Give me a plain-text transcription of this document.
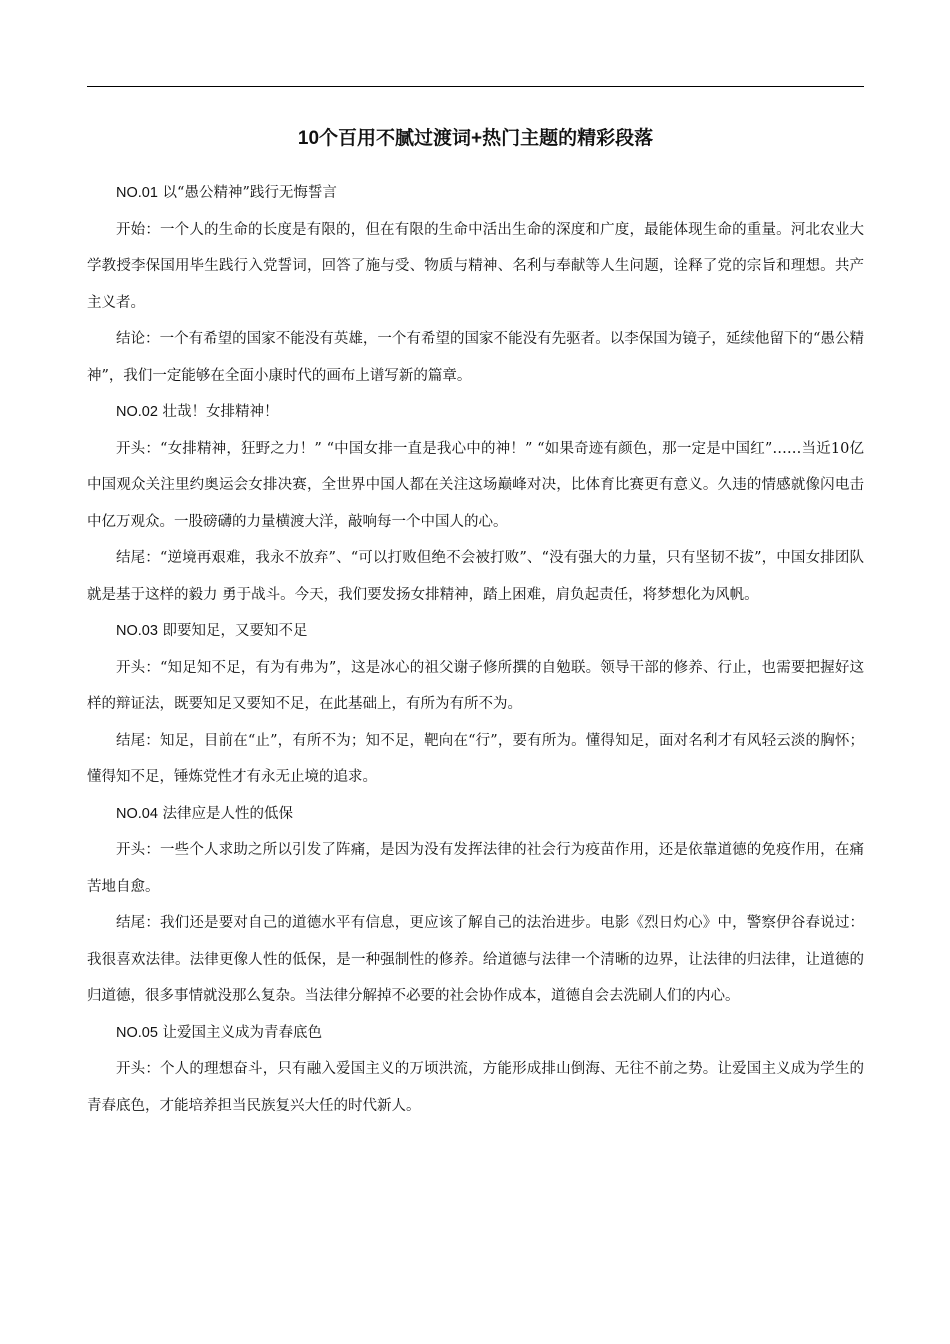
10个百用不腻过渡词+热门主题的精彩段落

NO.01 以“愚公精神”践行无悔誓言

开始：一个人的生命的长度是有限的，但在有限的生命中活出生命的深度和广度，最能体现生命的重量。河北农业大学教授李保国用毕生践行入党誓词，回答了施与受、物质与精神、名利与奉献等人生问题，诠释了党的宗旨和理想。共产主义者。

结论：一个有希望的国家不能没有英雄，一个有希望的国家不能没有先驱者。以李保国为镜子，延续他留下的“愚公精神”，我们一定能够在全面小康时代的画布上谱写新的篇章。

NO.02 壮哉！女排精神！

开头：“女排精神，狂野之力！” “中国女排一直是我心中的神！” “如果奇迹有颜色，那一定是中国红”……当近10亿中国观众关注里约奥运会女排决赛，全世界中国人都在关注这场巅峰对决，比体育比赛更有意义。久违的情感就像闪电击中亿万观众。一股磅礴的力量横渡大洋，敲响每一个中国人的心。

结尾：“逆境再艰难，我永不放弃”、“可以打败但绝不会被打败”、“没有强大的力量，只有坚韧不拔”，中国女排团队就是基于这样的毅力 勇于战斗。今天，我们要发扬女排精神，踏上困难，肩负起责任，将梦想化为风帆。

NO.03 即要知足，又要知不足

开头：“知足知不足，有为有弗为”，这是冰心的祖父谢子修所撰的自勉联。领导干部的修养、行止，也需要把握好这样的辩证法，既要知足又要知不足，在此基础上，有所为有所不为。

结尾：知足，目前在“止”，有所不为；知不足，靶向在“行”，要有所为。懂得知足，面对名利才有风轻云淡的胸怀；懂得知不足，锤炼党性才有永无止境的追求。

NO.04 法律应是人性的低保

开头：一些个人求助之所以引发了阵痛，是因为没有发挥法律的社会行为疫苗作用，还是依靠道德的免疫作用，在痛苦地自愈。

结尾：我们还是要对自己的道德水平有信息，更应该了解自己的法治进步。电影《烈日灼心》中，警察伊谷春说过：我很喜欢法律。法律更像人性的低保，是一种强制性的修养。给道德与法律一个清晰的边界，让法律的归法律，让道德的归道德，很多事情就没那么复杂。当法律分解掉不必要的社会协作成本，道德自会去洗刷人们的内心。

NO.05 让爱国主义成为青春底色

开头：个人的理想奋斗，只有融入爱国主义的万顷洪流，方能形成排山倒海、无往不前之势。让爱国主义成为学生的青春底色，才能培养担当民族复兴大任的时代新人。
